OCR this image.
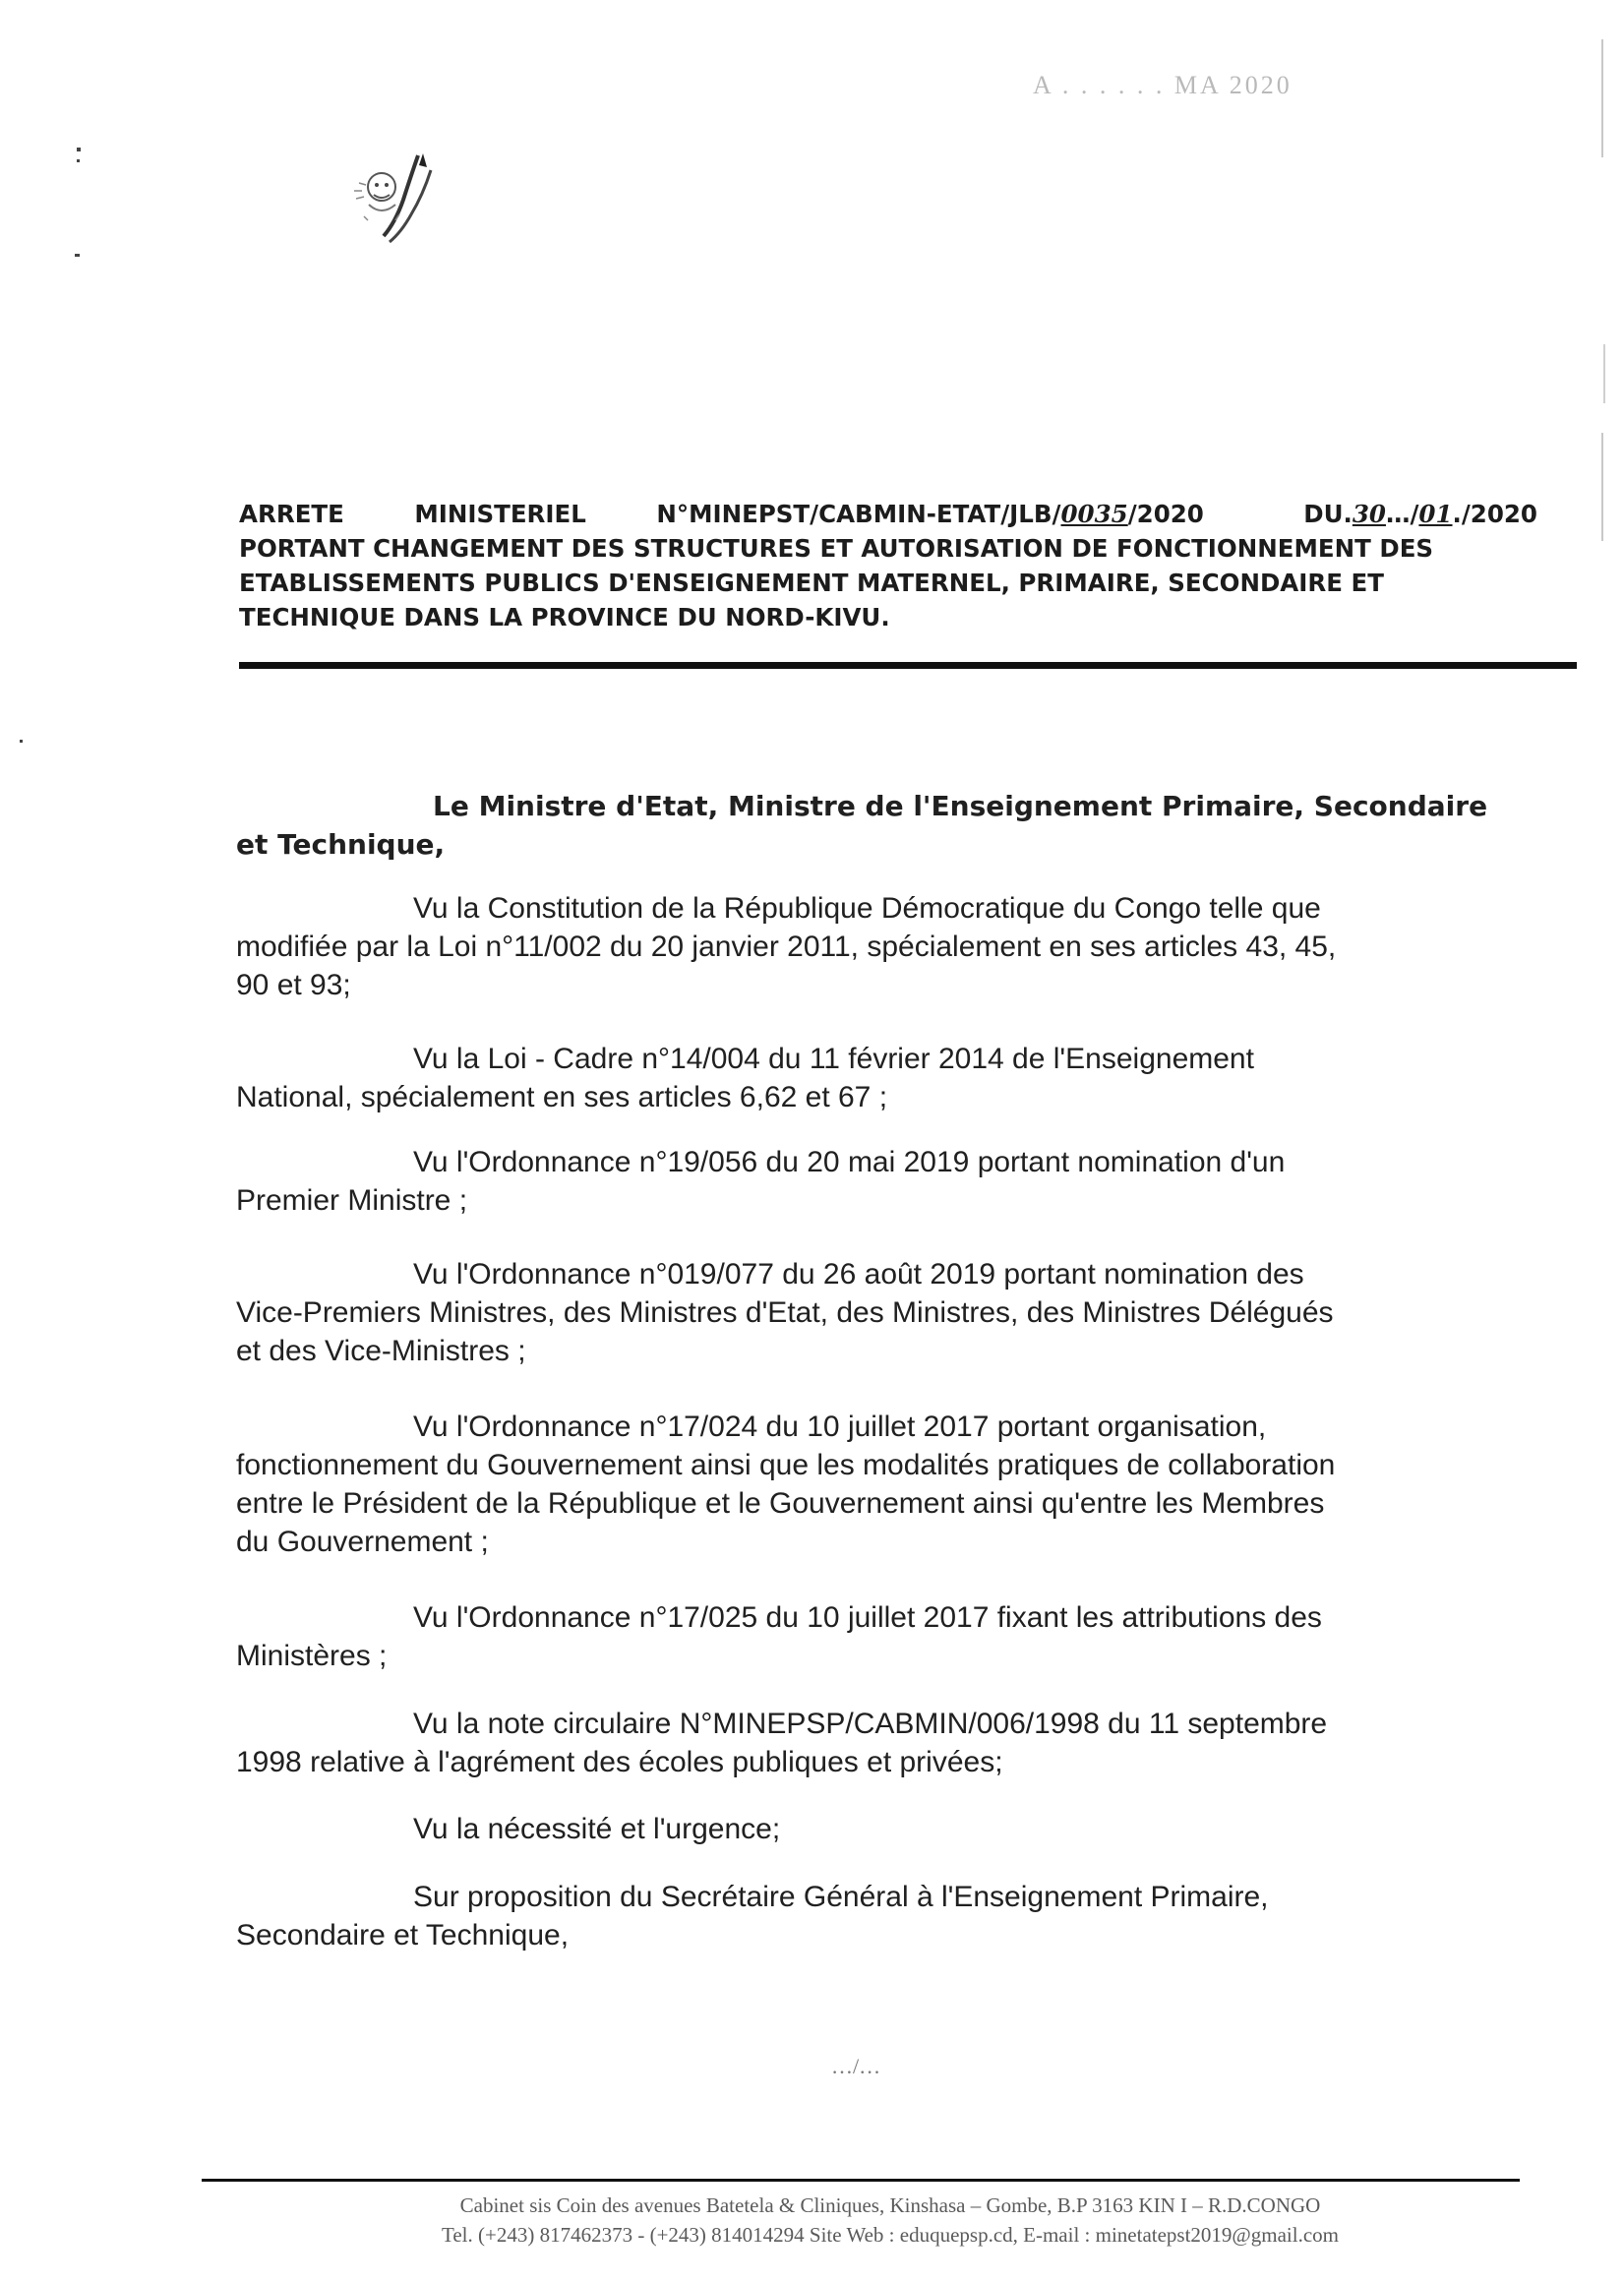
A . . . . . . MA 2020
ARRETE	MINISTERIEL	N°MINEPST/CABMIN-ETAT/JLB/0035/2020	DU.30…/01./2020
PORTANT CHANGEMENT DES STRUCTURES ET AUTORISATION DE FONCTIONNEMENT DES
ETABLISSEMENTS PUBLICS D'ENSEIGNEMENT MATERNEL, PRIMAIRE, SECONDAIRE ET
TECHNIQUE DANS LA PROVINCE DU NORD-KIVU.
Le Ministre d'Etat, Ministre de l'Enseignement Primaire, Secondaire
et Technique,
Vu la Constitution de la République Démocratique du Congo telle que
modifiée par la Loi n°11/002 du 20 janvier 2011, spécialement en ses articles 43, 45,
90 et 93;
Vu la Loi - Cadre n°14/004 du 11 février 2014 de l'Enseignement
National, spécialement en ses articles 6,62 et 67 ;
Vu l'Ordonnance n°19/056 du 20 mai 2019 portant nomination d'un
Premier Ministre ;
Vu l'Ordonnance n°019/077 du 26 août 2019 portant nomination des
Vice-Premiers Ministres, des Ministres d'Etat, des Ministres, des Ministres Délégués
et des Vice-Ministres ;
Vu l'Ordonnance n°17/024 du 10 juillet 2017 portant organisation,
fonctionnement du Gouvernement ainsi que les modalités pratiques de collaboration
entre le Président de la République et le Gouvernement ainsi qu'entre les Membres
du Gouvernement ;
Vu l'Ordonnance n°17/025 du 10 juillet 2017 fixant les attributions des
Ministères ;
Vu la note circulaire N°MINEPSP/CABMIN/006/1998 du 11 septembre
1998 relative à l'agrément des écoles publiques et privées;
Vu la nécessité et l'urgence;
Sur proposition du Secrétaire Général à l'Enseignement Primaire,
Secondaire et Technique,
…/…
Cabinet sis Coin des avenues Batetela & Cliniques, Kinshasa – Gombe, B.P 3163 KIN I – R.D.CONGO
Tel. (+243) 817462373 - (+243) 814014294 Site Web : eduquepsp.cd, E-mail : minetatepst2019@gmail.com
